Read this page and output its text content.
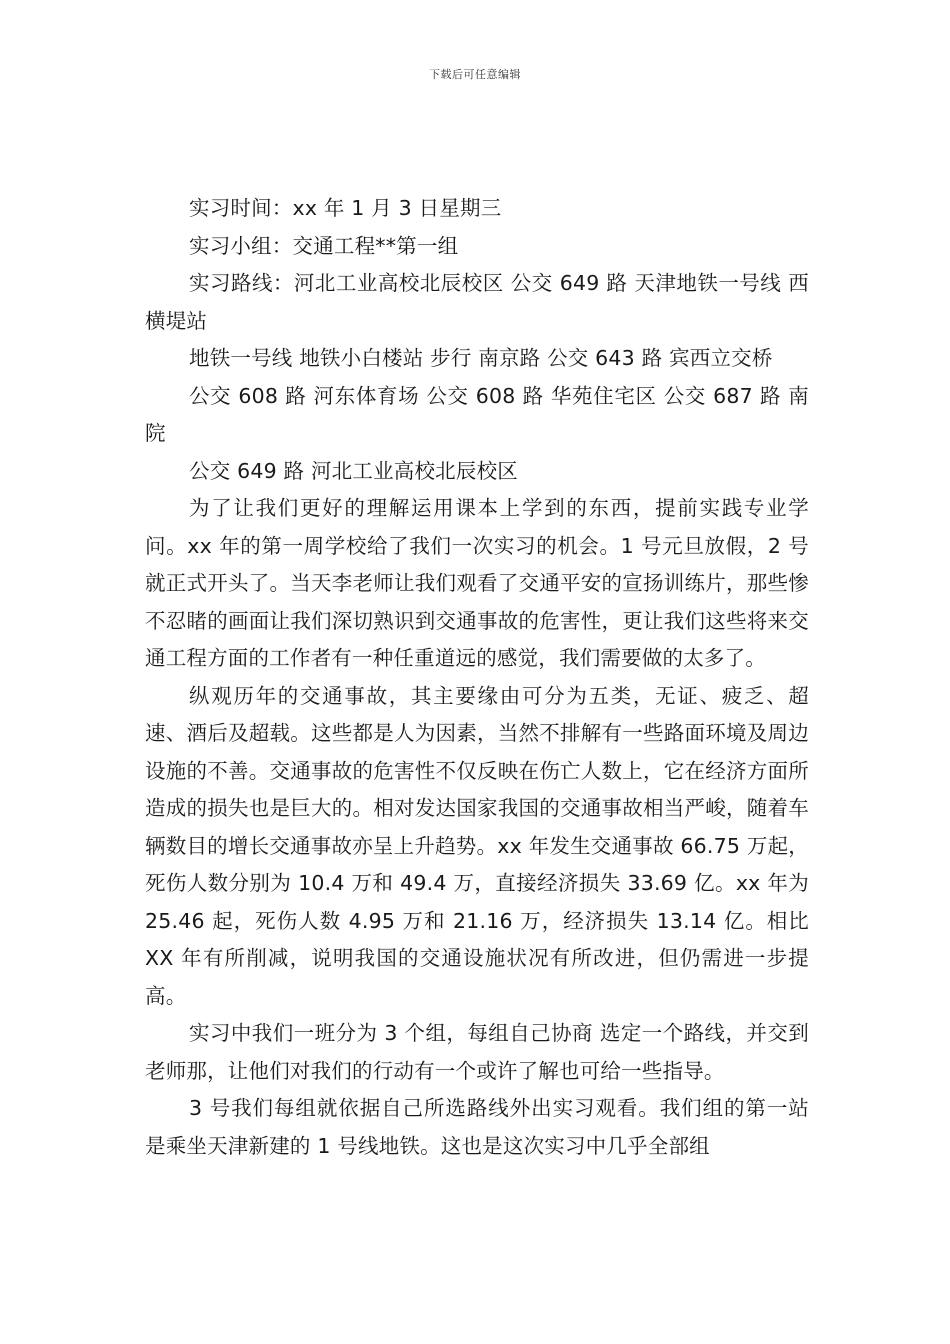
下载后可任意编辑

实习时间：xx 年 1 月 3 日星期三

实习小组：交通工程**第一组

实习路线：河北工业高校北辰校区 公交 649 路 天津地铁一号线 西横堤站

地铁一号线 地铁小白楼站 步行 南京路 公交 643 路 宾西立交桥

公交 608 路 河东体育场 公交 608 路 华苑住宅区 公交 687 路 南院

公交 649 路 河北工业高校北辰校区

为了让我们更好的理解运用课本上学到的东西，提前实践专业学问。xx 年的第一周学校给了我们一次实习的机会。1 号元旦放假，2 号就正式开头了。当天李老师让我们观看了交通平安的宣扬训练片，那些惨不忍睹的画面让我们深切熟识到交通事故的危害性，更让我们这些将来交通工程方面的工作者有一种任重道远的感觉，我们需要做的太多了。

纵观历年的交通事故，其主要缘由可分为五类，无证、疲乏、超速、酒后及超载。这些都是人为因素，当然不排解有一些路面环境及周边设施的不善。交通事故的危害性不仅反映在伤亡人数上，它在经济方面所造成的损失也是巨大的。相对发达国家我国的交通事故相当严峻，随着车辆数目的增长交通事故亦呈上升趋势。xx 年发生交通事故 66.75 万起，死伤人数分别为 10.4 万和 49.4 万，直接经济损失 33.69 亿。xx 年为 25.46 起，死伤人数 4.95 万和 21.16 万，经济损失 13.14 亿。相比 XX 年有所削减，说明我国的交通设施状况有所改进，但仍需进一步提高。

实习中我们一班分为 3 个组，每组自己协商 选定一个路线，并交到老师那，让他们对我们的行动有一个或许了解也可给一些指导。

3 号我们每组就依据自己所选路线外出实习观看。我们组的第一站是乘坐天津新建的 1 号线地铁。这也是这次实习中几乎全部组
